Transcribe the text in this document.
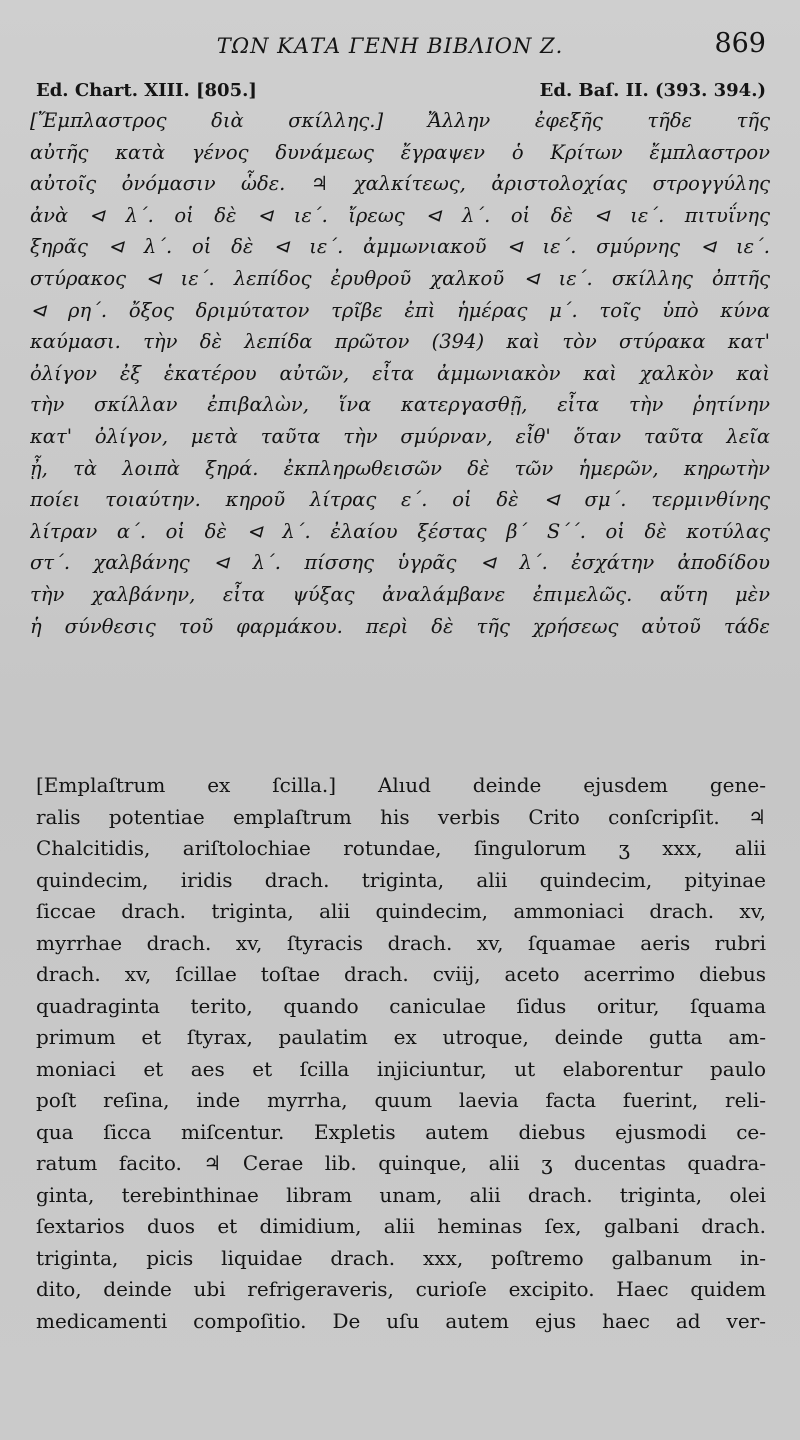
ΤΩΝ ΚΑΤΑ ΓΕΝΗ ΒΙΒΛΙΟΝ Ζ.	869
Ed. Chart. XIII. [805.]	Ed. Baſ. II. (393. 394.)
[Ἔμπλαστρος διὰ σκίλλης.] Ἄλλην ἐφεξῆς τῆδε τῆς
αὐτῆς κατὰ γένος δυνάμεως ἔγραψεν ὁ Κρίτων ἔμπλαστρον
αὐτοῖς ὀνόμασιν ὧδε. ♃ χαλκίτεως, ἀριστολοχίας στρογγύλης
ἀνὰ ⊲ λ΄. οἱ δὲ ⊲ ιε΄. ἴρεως ⊲ λ΄. οἱ δὲ ⊲ ιε΄. πιτυΐνης
ξηρᾶς ⊲ λ΄. οἱ δὲ ⊲ ιε΄. ἀμμωνιακοῦ ⊲ ιε΄. σμύρνης ⊲ ιε΄.
στύρακος ⊲ ιε΄. λεπίδος ἐρυθροῦ χαλκοῦ ⊲ ιε΄. σκίλλης ὀπτῆς
⊲ ρη΄. ὄξος δριμύτατον τρῖβε ἐπὶ ἡμέρας μ΄. τοῖς ὑπὸ κύνα
καύμασι. τὴν δὲ λεπίδα πρῶτον (394) καὶ τὸν στύρακα κατ'
ὀλίγον ἐξ ἑκατέρου αὐτῶν, εἶτα ἀμμωνιακὸν καὶ χαλκὸν καὶ
τὴν σκίλλαν ἐπιβαλὼν, ἵνα κατεργασθῇ, εἶτα τὴν ῥητίνην
κατ' ὀλίγον, μετὰ ταῦτα τὴν σμύρναν, εἶθ' ὅταν ταῦτα λεῖα
ᾖ, τὰ λοιπὰ ξηρά. ἐκπληρωθεισῶν δὲ τῶν ἡμερῶν, κηρωτὴν
ποίει τοιαύτην. κηροῦ λίτρας ε΄. οἱ δὲ ⊲ σμ΄. τερμινθίνης
λίτραν α΄. οἱ δὲ ⊲ λ΄. ἐλαίου ξέστας β΄ S΄΄. οἱ δὲ κοτύλας
στ΄. χαλβάνης ⊲ λ΄. πίσσης ὑγρᾶς ⊲ λ΄. ἐσχάτην ἀποδίδου
τὴν χαλβάνην, εἶτα ψύξας ἀναλάμβανε ἐπιμελῶς. αὕτη μὲν
ἡ σύνθεσις τοῦ φαρμάκου. περὶ δὲ τῆς χρήσεως αὐτοῦ τάδε
[Emplaſtrum ex ſcilla.] Alıud deinde ejusdem gene-
ralis potentiae emplaſtrum his verbis Crito conſcripſit. ♃
Chalcitidis, ariſtolochiae rotundae, ſingulorum ʒ xxx, alii
quindecim, iridis drach. triginta, alii quindecim, pityinae
ſiccae drach. triginta, alii quindecim, ammoniaci drach. xv,
myrrhae drach. xv, ſtyracis drach. xv, ſquamae aeris rubri
drach. xv, ſcillae toſtae drach. cviij, aceto acerrimo diebus
quadraginta terito, quando caniculae ſidus oritur, ſquama
primum et ſtyrax, paulatim ex utroque, deinde gutta am-
moniaci et aes et ſcilla injiciuntur, ut elaborentur paulo
poſt reſina, inde myrrha, quum laevia facta fuerint, reli-
qua ſicca miſcentur. Expletis autem diebus ejusmodi ce-
ratum facito. ♃ Cerae lib. quinque, alii ʒ ducentas quadra-
ginta, terebinthinae libram unam, alii drach. triginta, olei
ſextarios duos et dimidium, alii heminas ſex, galbani drach.
triginta, picis liquidae drach. xxx, poſtremo galbanum in-
dito, deinde ubi refrigeraveris, curioſe excipito. Haec quidem
medicamenti compoſitio. De uſu autem ejus haec ad ver-
